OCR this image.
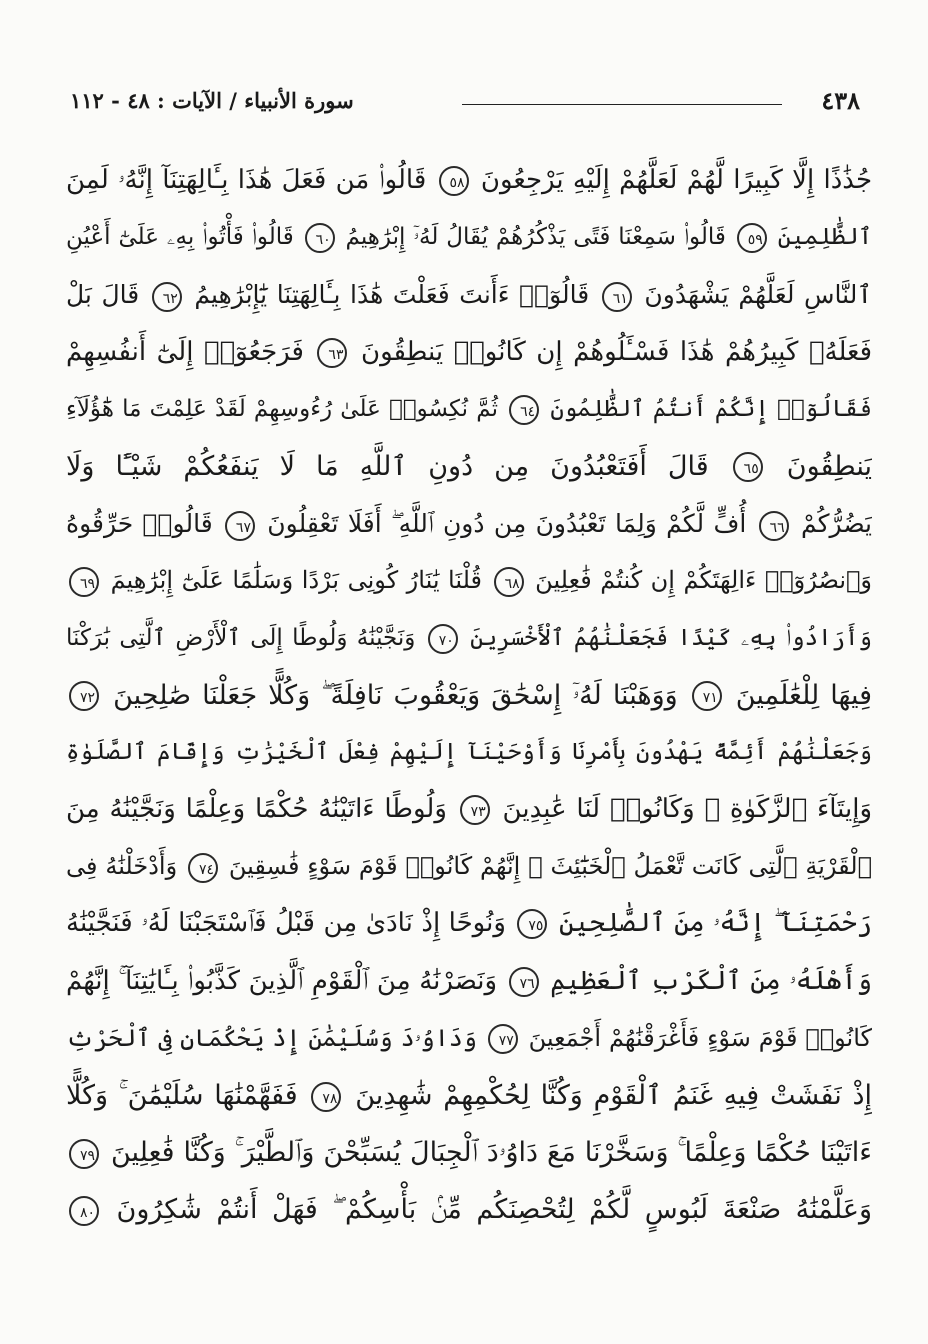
٤٣٨
سورة الأنبياء / الآيات : ٤٨ - ١١٢
جُذَٰذًا إِلَّا كَبِيرًا لَّهُمْ لَعَلَّهُمْ إِلَيْهِ يَرْجِعُونَ ٥٨ قَالُوا۟ مَن فَعَلَ هَٰذَا بِـَٔالِهَتِنَآ إِنَّهُۥ لَمِنَ
ٱلظَّٰلِمِينَ ٥٩ قَالُوا۟ سَمِعْنَا فَتًى يَذْكُرُهُمْ يُقَالُ لَهُۥٓ إِبْرَٰهِيمُ ٦٠ قَالُوا۟ فَأْتُوا۟ بِهِۦ عَلَىٰٓ أَعْيُنِ
ٱلنَّاسِ لَعَلَّهُمْ يَشْهَدُونَ ٦١ قَالُوٓا۟ ءَأَنتَ فَعَلْتَ هَٰذَا بِـَٔالِهَتِنَا يَٰٓإِبْرَٰهِيمُ ٦٢ قَالَ بَلْ
فَعَلَهُۥ كَبِيرُهُمْ هَٰذَا فَسْـَٔلُوهُمْ إِن كَانُوا۟ يَنطِقُونَ ٦٣ فَرَجَعُوٓا۟ إِلَىٰٓ أَنفُسِهِمْ
فَقَالُوٓا۟ إِنَّكُمْ أَنتُمُ ٱلظَّٰلِمُونَ ٦٤ ثُمَّ نُكِسُوا۟ عَلَىٰ رُءُوسِهِمْ لَقَدْ عَلِمْتَ مَا هَٰٓؤُلَآءِ
يَنطِقُونَ ٦٥ قَالَ أَفَتَعْبُدُونَ مِن دُونِ ٱللَّهِ مَا لَا يَنفَعُكُمْ شَيْـًٔا وَلَا
يَضُرُّكُمْ ٦٦ أُفٍّ لَّكُمْ وَلِمَا تَعْبُدُونَ مِن دُونِ ٱللَّهِ ۖ أَفَلَا تَعْقِلُونَ ٦٧ قَالُوا۟ حَرِّقُوهُ
وَٱنصُرُوٓا۟ ءَالِهَتَكُمْ إِن كُنتُمْ فَٰعِلِينَ ٦٨ قُلْنَا يَٰنَارُ كُونِى بَرْدًا وَسَلَٰمًا عَلَىٰٓ إِبْرَٰهِيمَ ٦٩
وَأَرَادُوا۟ بِهِۦ كَيْدًا فَجَعَلْنَٰهُمُ ٱلْأَخْسَرِينَ ٧٠ وَنَجَّيْنَٰهُ وَلُوطًا إِلَى ٱلْأَرْضِ ٱلَّتِى بَٰرَكْنَا
فِيهَا لِلْعَٰلَمِينَ ٧١ وَوَهَبْنَا لَهُۥٓ إِسْحَٰقَ وَيَعْقُوبَ نَافِلَةً ۖ وَكُلًّا جَعَلْنَا صَٰلِحِينَ ٧٢
وَجَعَلْنَٰهُمْ أَئِمَّةً يَهْدُونَ بِأَمْرِنَا وَأَوْحَيْنَآ إِلَيْهِمْ فِعْلَ ٱلْخَيْرَٰتِ وَإِقَامَ ٱلصَّلَوٰةِ
وَإِيتَآءَ ٱلزَّكَوٰةِ ۖ وَكَانُوا۟ لَنَا عَٰبِدِينَ ٧٣ وَلُوطًا ءَاتَيْنَٰهُ حُكْمًا وَعِلْمًا وَنَجَّيْنَٰهُ مِنَ
ٱلْقَرْيَةِ ٱلَّتِى كَانَت تَّعْمَلُ ٱلْخَبَٰٓئِثَ ۗ إِنَّهُمْ كَانُوا۟ قَوْمَ سَوْءٍ فَٰسِقِينَ ٧٤ وَأَدْخَلْنَٰهُ فِى
رَحْمَتِنَآ ۖ إِنَّهُۥ مِنَ ٱلصَّٰلِحِينَ ٧٥ وَنُوحًا إِذْ نَادَىٰ مِن قَبْلُ فَٱسْتَجَبْنَا لَهُۥ فَنَجَّيْنَٰهُ
وَأَهْلَهُۥ مِنَ ٱلْكَرْبِ ٱلْعَظِيمِ ٧٦ وَنَصَرْنَٰهُ مِنَ ٱلْقَوْمِ ٱلَّذِينَ كَذَّبُوا۟ بِـَٔايَٰتِنَآ ۚ إِنَّهُمْ
كَانُوا۟ قَوْمَ سَوْءٍ فَأَغْرَقْنَٰهُمْ أَجْمَعِينَ ٧٧ وَدَاوُۥدَ وَسُلَيْمَٰنَ إِذْ يَحْكُمَانِ فِى ٱلْحَرْثِ
إِذْ نَفَشَتْ فِيهِ غَنَمُ ٱلْقَوْمِ وَكُنَّا لِحُكْمِهِمْ شَٰهِدِينَ ٧٨ فَفَهَّمْنَٰهَا سُلَيْمَٰنَ ۚ وَكُلًّا
ءَاتَيْنَا حُكْمًا وَعِلْمًا ۚ وَسَخَّرْنَا مَعَ دَاوُۥدَ ٱلْجِبَالَ يُسَبِّحْنَ وَٱلطَّيْرَ ۚ وَكُنَّا فَٰعِلِينَ ٧٩
وَعَلَّمْنَٰهُ صَنْعَةَ لَبُوسٍ لَّكُمْ لِتُحْصِنَكُم مِّنۢ بَأْسِكُمْ ۖ فَهَلْ أَنتُمْ شَٰكِرُونَ ٨٠
